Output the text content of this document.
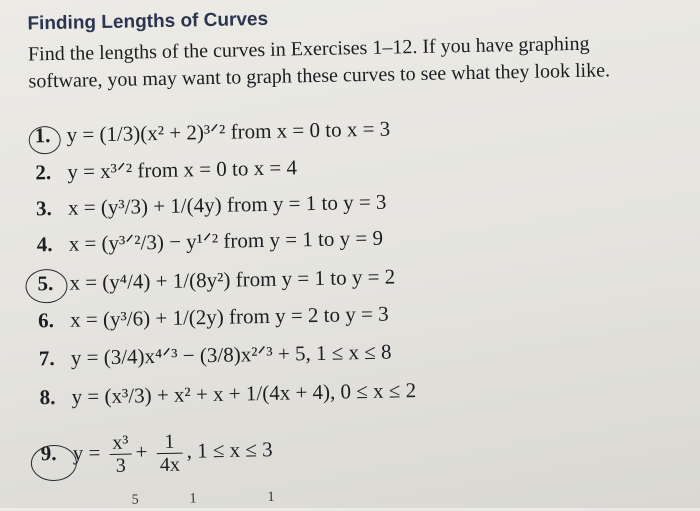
Finding Lengths of Curves
Find the lengths of the curves in Exercises 1–12. If you have graphing software, you may want to graph these curves to see what they look like.
1. y = (1/3)(x² + 2)³ᐟ² from x = 0 to x = 3
2. y = x³ᐟ² from x = 0 to x = 4
3. x = (y³/3) + 1/(4y) from y = 1 to y = 3
4. x = (y³ᐟ²/3) − y¹ᐟ² from y = 1 to y = 9
5. x = (y⁴/4) + 1/(8y²) from y = 1 to y = 2
6. x = (y³/6) + 1/(2y) from y = 2 to y = 3
7. y = (3/4)x⁴ᐟ³ − (3/8)x²ᐟ³ + 5, 1 ≤ x ≤ 8
8. y = (x³/3) + x² + x + 1/(4x + 4), 0 ≤ x ≤ 2
9. $y = \frac{\text{x³}}{3} + \frac{1}{4x}$ , 1 ≤ x ≤ 3
5	1	1
